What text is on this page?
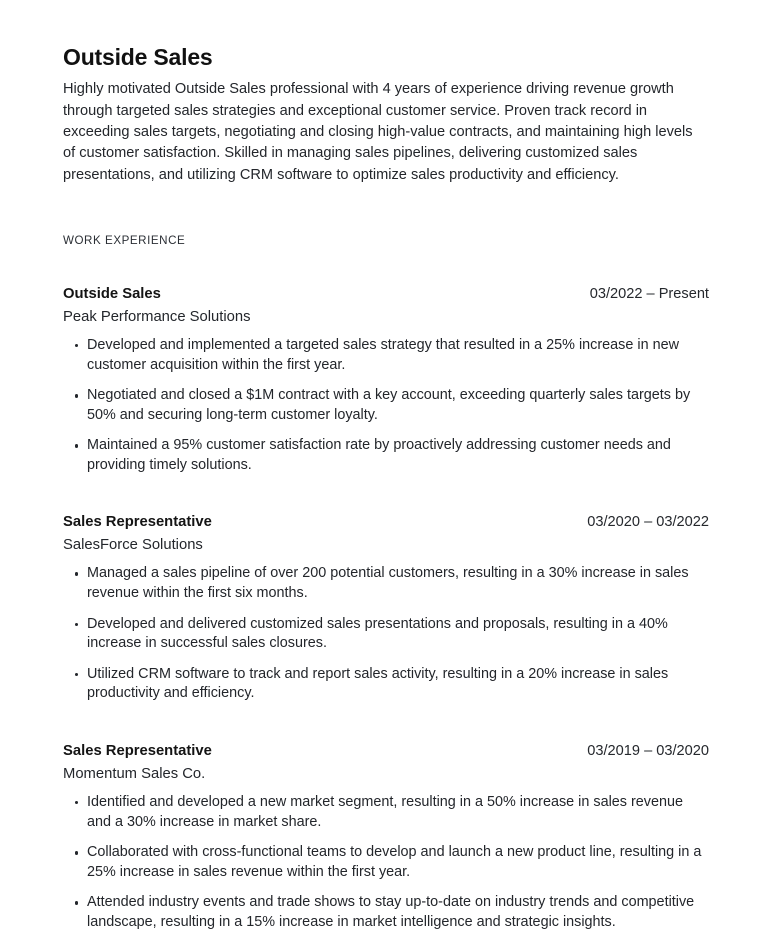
Outside Sales

Highly motivated Outside Sales professional with 4 years of experience driving revenue growth through targeted sales strategies and exceptional customer service. Proven track record in exceeding sales targets, negotiating and closing high-value contracts, and maintaining high levels of customer satisfaction. Skilled in managing sales pipelines, delivering customized sales presentations, and utilizing CRM software to optimize sales productivity and efficiency.

WORK EXPERIENCE
Outside Sales	03/2022 – Present
Peak Performance Solutions
Developed and implemented a targeted sales strategy that resulted in a 25% increase in new customer acquisition within the first year.
Negotiated and closed a $1M contract with a key account, exceeding quarterly sales targets by 50% and securing long-term customer loyalty.
Maintained a 95% customer satisfaction rate by proactively addressing customer needs and providing timely solutions.
Sales Representative	03/2020 – 03/2022
SalesForce Solutions
Managed a sales pipeline of over 200 potential customers, resulting in a 30% increase in sales revenue within the first six months.
Developed and delivered customized sales presentations and proposals, resulting in a 40% increase in successful sales closures.
Utilized CRM software to track and report sales activity, resulting in a 20% increase in sales productivity and efficiency.
Sales Representative	03/2019 – 03/2020
Momentum Sales Co.
Identified and developed a new market segment, resulting in a 50% increase in sales revenue and a 30% increase in market share.
Collaborated with cross-functional teams to develop and launch a new product line, resulting in a 25% increase in sales revenue within the first year.
Attended industry events and trade shows to stay up-to-date on industry trends and competitive landscape, resulting in a 15% increase in market intelligence and strategic insights.
